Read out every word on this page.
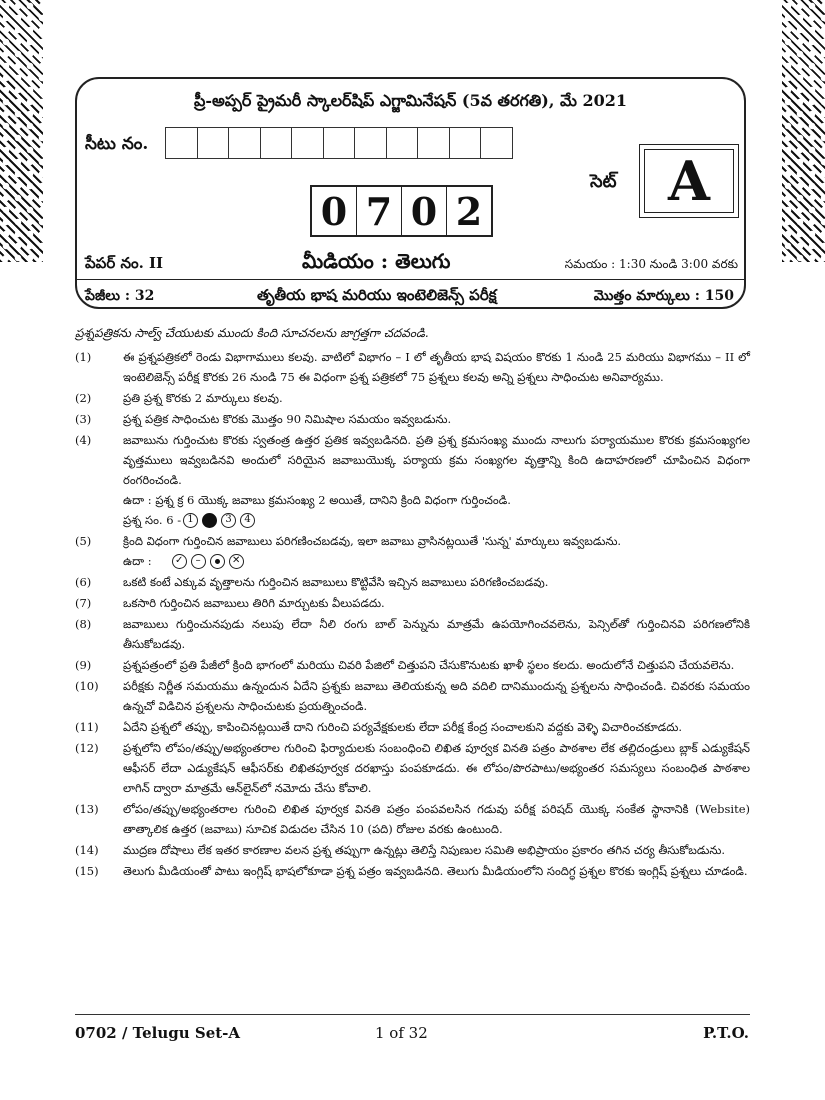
ప్రీ-అప్పర్ ప్రైమరీ స్కాలర్‌షిప్ ఎగ్జామినేషన్ (5వ తరగతి), మే 2021
సీటు నం.
సెట్ A
0 7 0 2
పేపర్ నం. II	మీడియం : తెలుగు	సమయం : 1:30 నుండి 3:00 వరకు
పేజీలు : 32	తృతీయ భాష మరియు ఇంటెలిజెన్స్ పరీక్ష	మొత్తం మార్కులు : 150
ప్రశ్నపత్రికను సాల్వ్ చేయుటకు ముందు కింది సూచనలను జాగ్రత్తగా చదవండి.
(1)	ఈ ప్రశ్నపత్రికలో రెండు విభాగాములు కలవు. వాటిలో విభాగం – I లో తృతీయ భాష విషయం కొరకు 1 నుండి 25 మరియు విభాగము – II లో ఇంటెలిజెన్స్ పరీక్ష కొరకు 26 నుండి 75 ఈ విధంగా ప్రశ్న పత్రికలో 75 ప్రశ్నలు కలవు అన్ని ప్రశ్నలు సాధించుట అనివార్యము.
(2)	ప్రతి ప్రశ్న కొరకు 2 మార్కులు కలవు.
(3)	ప్రశ్న పత్రిక సాధించుట కొరకు మొత్తం 90 నిమిషాల సమయం ఇవ్వబడును.
(4)	జవాబును గుర్తించుట కొరకు స్వతంత్ర ఉత్తర ప్రతిక ఇవ్వబడినది. ప్రతి ప్రశ్న క్రమసంఖ్య ముందు నాలుగు పర్యాయముల కొరకు క్రమసంఖ్యగల వృత్తములు ఇవ్వబడినవి అందులో సరియైన జవాబుయొక్క పర్యాయ క్రమ సంఖ్యగల వృత్తాన్ని కింది ఉదాహరణలో చూపించిన విధంగా రంగరించండి.
ఉదా : ప్రశ్న క్ర 6 యొక్క జవాబు క్రమసంఖ్య 2 అయితే, దానిని క్రింది విధంగా గుర్తించండి.
ప్రశ్న సం. 6 - 1	2	3	4
(5)	క్రింది విధంగా గుర్తించిన జవాబులు పరిగణించబడవు, ఇలా జవాబు వ్రాసినట్లయితే 'సున్న' మార్కులు ఇవ్వబడును.
ఉదా :	✓	–	✕
(6)	ఒకటి కంటే ఎక్కువ వృత్తాలను గుర్తించిన జవాబులు కొట్టివేసి ఇచ్చిన జవాబులు పరిగణించబడవు.
(7)	ఒకసారి గుర్తించిన జవాబులు తిరిగి మార్చుటకు వీలుపడదు.
(8)	జవాబులు గుర్తించునపుడు నలుపు లేదా నీలి రంగు బాల్ పెన్నును మాత్రమే ఉపయోగించవలెను, పెన్సిల్‌తో గుర్తించినవి పరిగణలోనికి తీసుకోబడవు.
(9)	ప్రశ్నపత్రంలో ప్రతి పేజీలో క్రింది భాగంలో మరియు చివరి పేజిలో చిత్తుపని చేసుకొనుటకు ఖాళీ స్థలం కలదు. అందులోనే చిత్తుపని చేయవలెను.
(10)	పరీక్షకు నిర్ణీత సమయము ఉన్నందున ఏదేని ప్రశ్నకు జవాబు తెలియకున్న అది వదిలి దానిముందున్న ప్రశ్నలను సాధించండి. చివరకు సమయం ఉన్నచో విడిచిన ప్రశ్నలను సాధించుటకు ప్రయత్నించండి.
(11)	ఏదేని ప్రశ్నలో తప్పు, కాపించినట్లయితే దాని గురించి పర్యవేక్షకులకు లేదా పరీక్ష కేంద్ర సంచాలకుని వద్దకు వెళ్ళి విచారించకూడదు.
(12)	ప్రశ్నలోని లోపం/తప్పు/అభ్యంతరాల గురించి ఫిర్యాదులకు సంబంధించి లిఖిత పూర్వక వినతి పత్రం పాఠశాల లేక తల్లిదండ్రులు బ్లాక్ ఎడ్యుకేషన్ ఆఫీసర్ లేదా ఎడ్యుకేషన్ ఆఫీసర్‌కు లిఖితపూర్వక దరఖాస్తు పంపకూడదు. ఈ లోపం/పొరపాటు/అభ్యంతర సమస్యలు సంబంధిత పాఠశాల లాగిన్ ద్వారా మాత్రమే ఆన్‌లైన్‌లో నమోదు చేసు కోవాలి.
(13)	లోపం/తప్పు/అభ్యంతరాల గురించి లిఖిత పూర్వక వినతి పత్రం పంపవలసిన గడువు పరీక్ష పరిషద్ యొక్క సంకేత స్థానానికి (Website) తాత్కాలిక ఉత్తర (జవాబు) సూచిక విడుదల చేసిన 10 (పది) రోజుల వరకు ఉంటుంది.
(14)	ముద్రణ దోషాలు లేక ఇతర కారణాల వలన ప్రశ్న తప్పుగా ఉన్నట్లు తెలిస్తే నిపుణుల సమితి అభిప్రాయం ప్రకారం తగిన చర్య తీసుకోబడును.
(15)	తెలుగు మీడియంతో పాటు ఇంగ్లిష్ భాషలోకూడా ప్రశ్న పత్రం ఇవ్వబడినది. తెలుగు మీడియంలోని సందిగ్ధ ప్రశ్నల కొరకు ఇంగ్లిష్ ప్రశ్నలు చూడండి.
0702 / Telugu Set-A	1 of 32	P.T.O.
